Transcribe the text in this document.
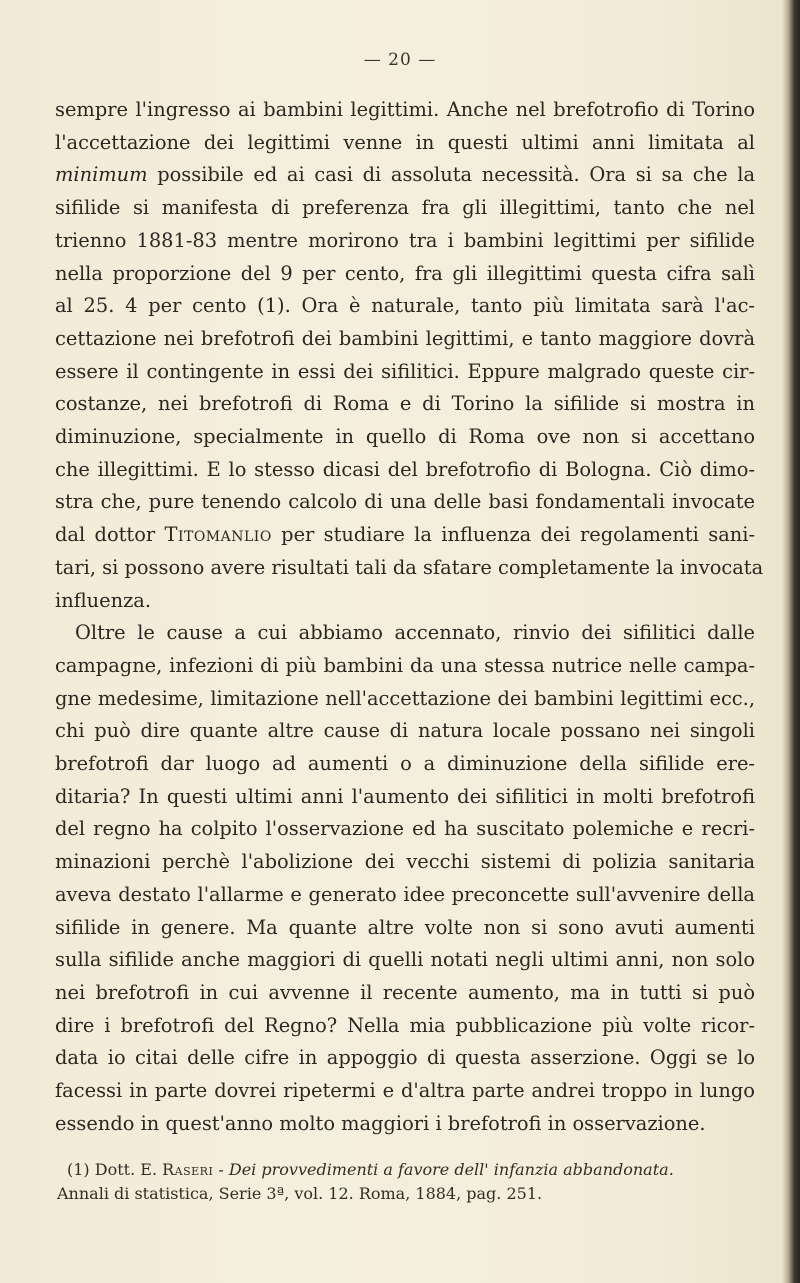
— 20 —
sempre l'ingresso ai bambini legittimi. Anche nel brefotrofio di Torino
l'accettazione dei legittimi venne in questi ultimi anni limitata al
minimum possibile ed ai casi di assoluta necessità. Ora si sa che la
sifilide si manifesta di preferenza fra gli illegittimi, tanto che nel
trienno 1881-83 mentre morirono tra i bambini legittimi per sifilide
nella proporzione del 9 per cento, fra gli illegittimi questa cifra salì
al 25. 4 per cento (1). Ora è naturale, tanto più limitata sarà l'ac-
cettazione nei brefotrofi dei bambini legittimi, e tanto maggiore dovrà
essere il contingente in essi dei sifilitici. Eppure malgrado queste cir-
costanze, nei brefotrofi di Roma e di Torino la sifilide si mostra in
diminuzione, specialmente in quello di Roma ove non si accettano
che illegittimi. E lo stesso dicasi del brefotrofio di Bologna. Ciò dimo-
stra che, pure tenendo calcolo di una delle basi fondamentali invocate
dal dottor Titomanlio per studiare la influenza dei regolamenti sani-
tari, si possono avere risultati tali da sfatare completamente la invocata
influenza.
Oltre le cause a cui abbiamo accennato, rinvio dei sifilitici dalle
campagne, infezioni di più bambini da una stessa nutrice nelle campa-
gne medesime, limitazione nell'accettazione dei bambini legittimi ecc.,
chi può dire quante altre cause di natura locale possano nei singoli
brefotrofi dar luogo ad aumenti o a diminuzione della sifilide ere-
ditaria? In questi ultimi anni l'aumento dei sifilitici in molti brefotrofi
del regno ha colpito l'osservazione ed ha suscitato polemiche e recri-
minazioni perchè l'abolizione dei vecchi sistemi di polizia sanitaria
aveva destato l'allarme e generato idee preconcette sull'avvenire della
sifilide in genere. Ma quante altre volte non si sono avuti aumenti
sulla sifilide anche maggiori di quelli notati negli ultimi anni, non solo
nei brefotrofi in cui avvenne il recente aumento, ma in tutti si può
dire i brefotrofi del Regno? Nella mia pubblicazione più volte ricor-
data io citai delle cifre in appoggio di questa asserzione. Oggi se lo
facessi in parte dovrei ripetermi e d'altra parte andrei troppo in lungo
essendo in quest'anno molto maggiori i brefotrofi in osservazione.
(1) Dott. E. Raseri - Dei provvedimenti a favore dell' infanzia abbandonata.
Annali di statistica, Serie 3ª, vol. 12. Roma, 1884, pag. 251.
